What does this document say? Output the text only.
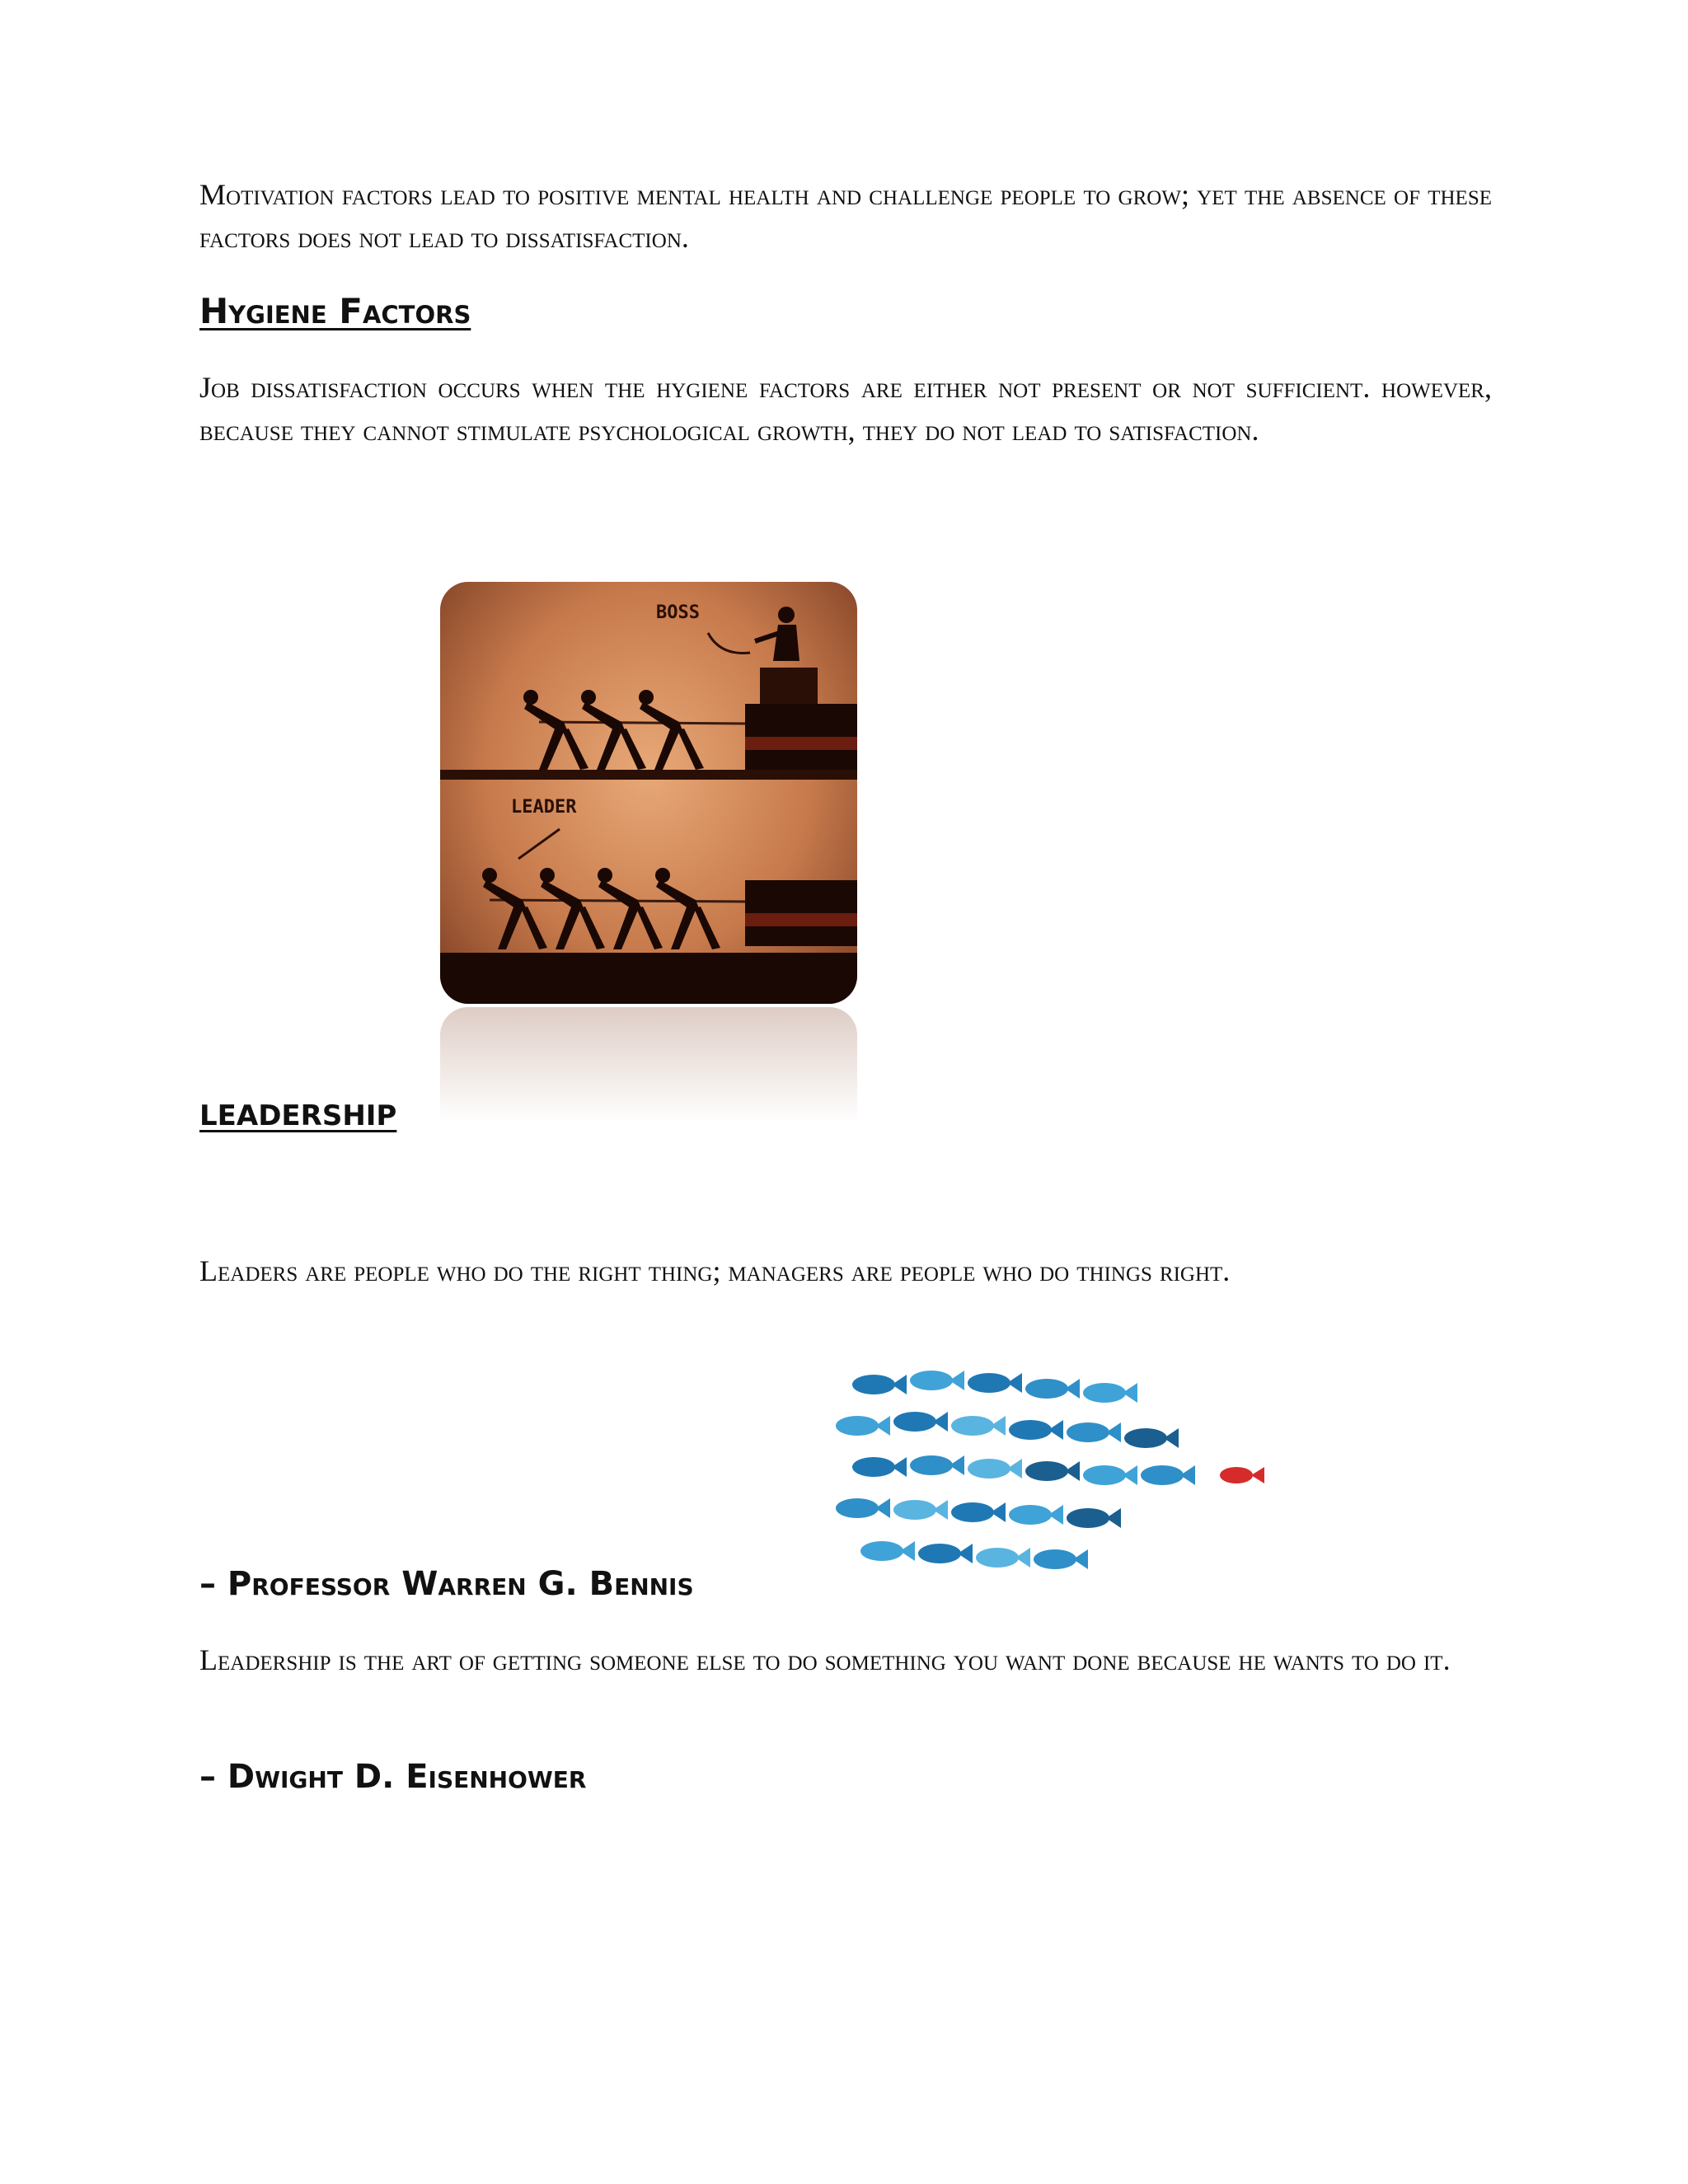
Motivation factors lead to positive mental health and challenge people to grow; yet the absence of these factors does not lead to dissatisfaction.

Hygiene Factors

Job dissatisfaction occurs when the hygiene factors are either not present or not sufficient. however, because they cannot stimulate psychological growth, they do not lead to satisfaction.

BOSS
LEADER
LEADERSHIP

Leaders are people who do the right thing; managers are people who do things right.

– Professor Warren G. Bennis

Leadership is the art of getting someone else to do something you want done because he wants to do it.

– Dwight D. Eisenhower
